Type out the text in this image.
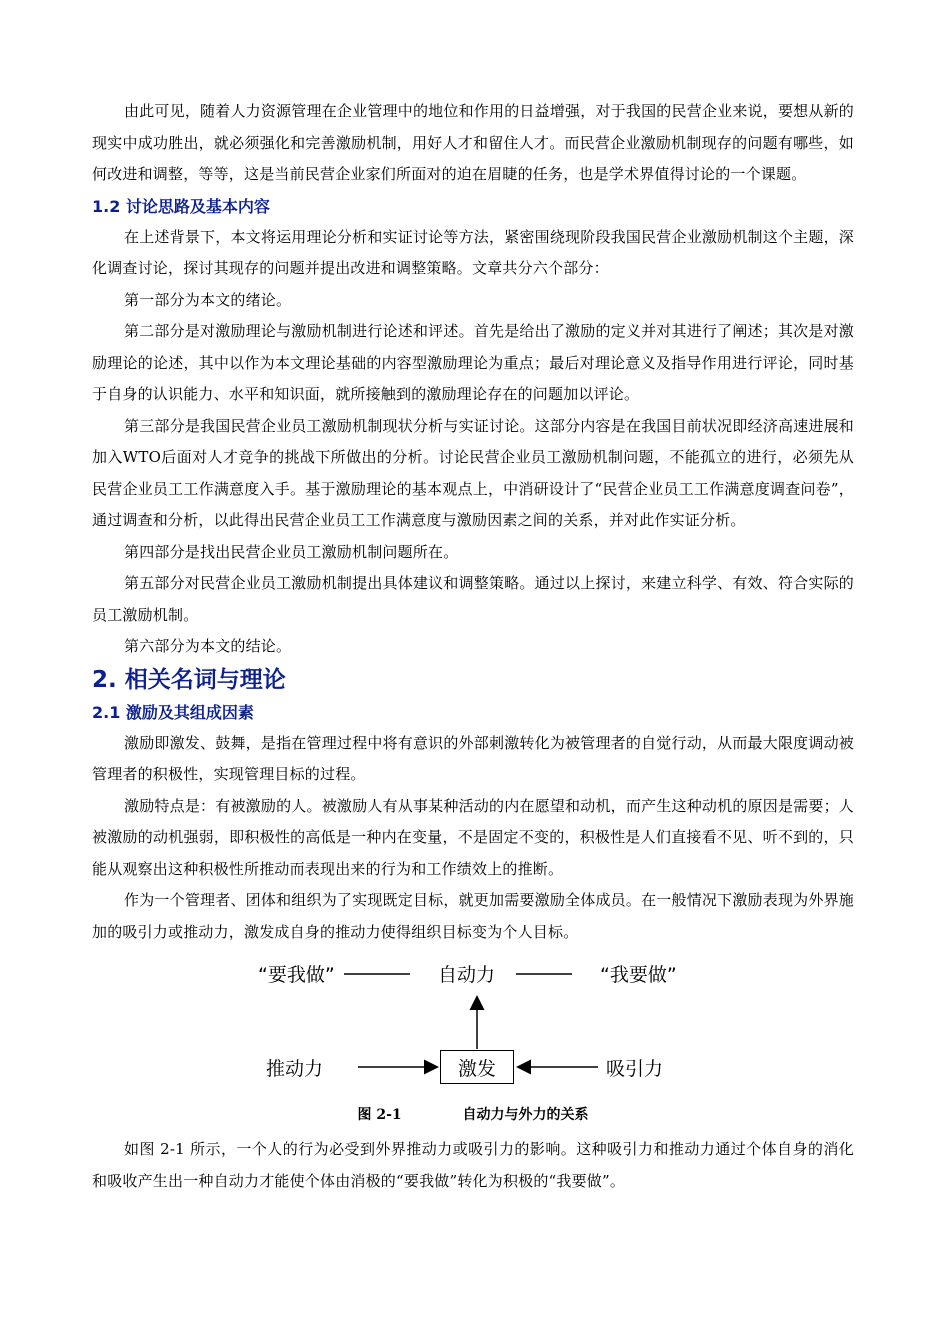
由此可见，随着人力资源管理在企业管理中的地位和作用的日益增强，对于我国的民营企业来说，要想从新的现实中成功胜出，就必须强化和完善激励机制，用好人才和留住人才。而民营企业激励机制现存的问题有哪些，如何改进和调整，等等，这是当前民营企业家们所面对的迫在眉睫的任务，也是学术界值得讨论的一个课题。

1.2 讨论思路及基本内容

在上述背景下，本文将运用理论分析和实证讨论等方法，紧密围绕现阶段我国民营企业激励机制这个主题，深化调查讨论，探讨其现存的问题并提出改进和调整策略。文章共分六个部分：

第一部分为本文的绪论。

第二部分是对激励理论与激励机制进行论述和评述。首先是给出了激励的定义并对其进行了阐述；其次是对激励理论的论述，其中以作为本文理论基础的内容型激励理论为重点；最后对理论意义及指导作用进行评论，同时基于自身的认识能力、水平和知识面，就所接触到的激励理论存在的问题加以评论。

第三部分是我国民营企业员工激励机制现状分析与实证讨论。这部分内容是在我国目前状况即经济高速进展和加入WTO后面对人才竞争的挑战下所做出的分析。讨论民营企业员工激励机制问题，不能孤立的进行，必须先从民营企业员工工作满意度入手。基于激励理论的基本观点上，中消研设计了“民营企业员工工作满意度调查问卷”，通过调查和分析，以此得出民营企业员工工作满意度与激励因素之间的关系，并对此作实证分析。

第四部分是找出民营企业员工激励机制问题所在。

第五部分对民营企业员工激励机制提出具体建议和调整策略。通过以上探讨，来建立科学、有效、符合实际的员工激励机制。

第六部分为本文的结论。

2. 相关名词与理论
2.1 激励及其组成因素

激励即激发、鼓舞，是指在管理过程中将有意识的外部刺激转化为被管理者的自觉行动，从而最大限度调动被管理者的积极性，实现管理目标的过程。

激励特点是：有被激励的人。被激励人有从事某种活动的内在愿望和动机，而产生这种动机的原因是需要；人被激励的动机强弱，即积极性的高低是一种内在变量，不是固定不变的，积极性是人们直接看不见、听不到的，只能从观察出这种积极性所推动而表现出来的行为和工作绩效上的推断。

作为一个管理者、团体和组织为了实现既定目标，就更加需要激励全体成员。在一般情况下激励表现为外界施加的吸引力或推动力，激发成自身的推动力使得组织目标变为个人目标。

“要我做”	自动力	“我要做”
推动力	激发	吸引力
图 2-1	自动力与外力的关系

如图 2-1 所示，一个人的行为必受到外界推动力或吸引力的影响。这种吸引力和推动力通过个体自身的消化和吸收产生出一种自动力才能使个体由消极的“要我做”转化为积极的“我要做”。
